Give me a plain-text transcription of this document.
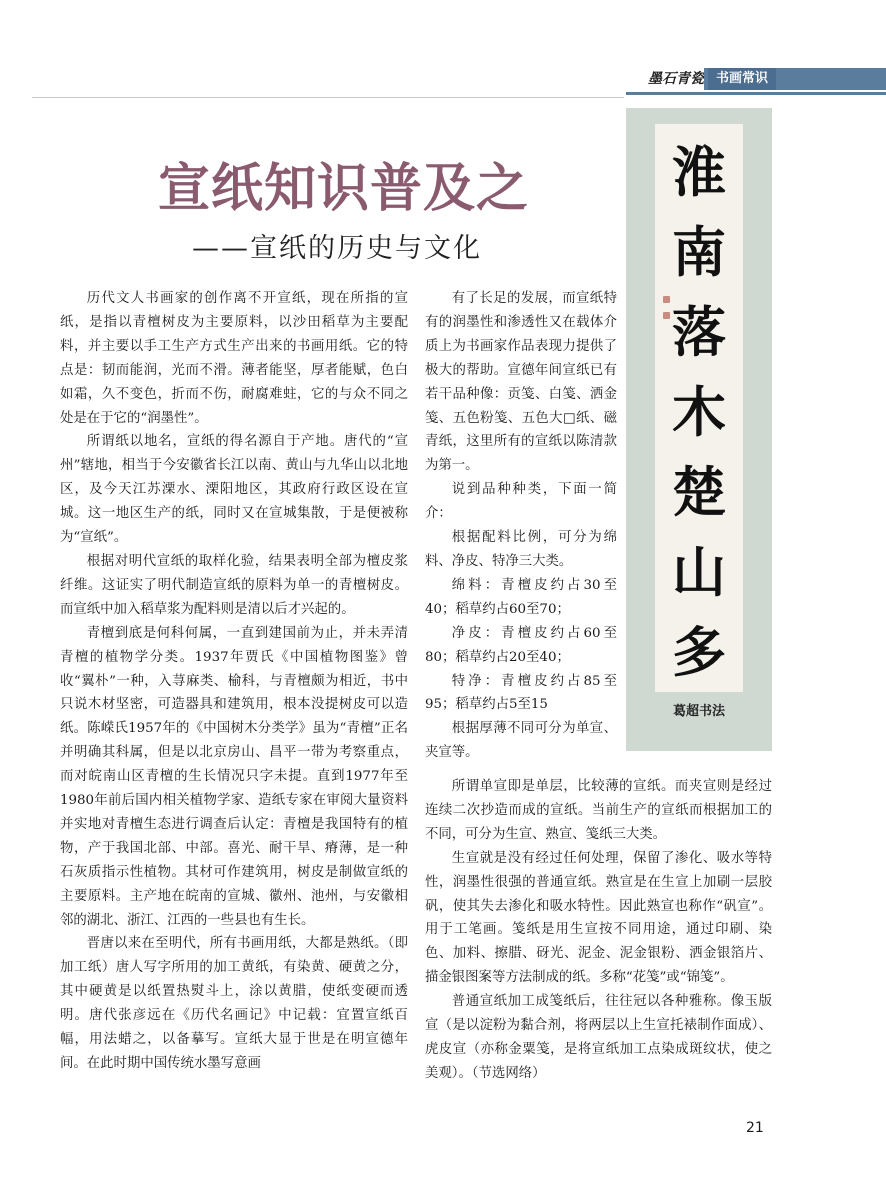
墨石青瓷 书画常识
宣纸知识普及之
——宣纸的历史与文化

历代文人书画家的创作离不开宣纸，现在所指的宣纸，是指以青檀树皮为主要原料，以沙田稻草为主要配料，并主要以手工生产方式生产出来的书画用纸。它的特点是：韧而能润，光而不滑。薄者能坚，厚者能赋，色白如霜，久不变色，折而不伤，耐腐难蛀，它的与众不同之处是在于它的“润墨性”。

所谓纸以地名，宣纸的得名源自于产地。唐代的“宣州”辖地，相当于今安徽省长江以南、黄山与九华山以北地区，及今天江苏溧水、溧阳地区，其政府行政区设在宣城。这一地区生产的纸，同时又在宣城集散，于是便被称为“宣纸”。

根据对明代宣纸的取样化验，结果表明全部为檀皮浆纤维。这证实了明代制造宣纸的原料为单一的青檀树皮。而宣纸中加入稻草浆为配料则是清以后才兴起的。

青檀到底是何科何属，一直到建国前为止，并未弄清青檀的植物学分类。1937年贾氏《中国植物图鉴》曾收“翼朴”一种，入荨麻类、榆科，与青檀颇为相近，书中只说木材坚密，可造器具和建筑用，根本没提树皮可以造纸。陈嵘氏1957年的《中国树木分类学》虽为“青檀”正名并明确其科属，但是以北京房山、昌平一带为考察重点，而对皖南山区青檀的生长情况只字未提。直到1977年至1980年前后国内相关植物学家、造纸专家在审阅大量资料并实地对青檀生态进行调查后认定：青檀是我国特有的植物，产于我国北部、中部。喜光、耐干旱、瘠薄，是一种石灰质指示性植物。其材可作建筑用，树皮是制做宣纸的主要原料。主产地在皖南的宣城、徽州、池州，与安徽相邻的湖北、浙江、江西的一些县也有生长。

晋唐以来在至明代，所有书画用纸，大都是熟纸。（即加工纸）唐人写字所用的加工黄纸，有染黄、硬黄之分，其中硬黄是以纸置热熨斗上，涂以黄腊，使纸变硬而透明。唐代张彦远在《历代名画记》中记载：宜置宣纸百幅，用法蜡之，以备摹写。宣纸大显于世是在明宣德年间。在此时期中国传统水墨写意画

有了长足的发展，而宣纸特有的润墨性和渗透性又在载体介质上为书画家作品表现力提供了极大的帮助。宣德年间宣纸已有若干品种像：贡笺、白笺、洒金笺、五色粉笺、五色大□纸、磁青纸，这里所有的宣纸以陈清款为第一。

说到品种种类，下面一简介：

根据配料比例，可分为绵料、净皮、特净三大类。

绵料：青檀皮约占30至40；稻草约占60至70；

净皮：青檀皮约占60至80；稻草约占20至40；

特净：青檀皮约占85至95；稻草约占5至15

根据厚薄不同可分为单宣、夹宣等。

淮
南
落
木
楚
山
多
葛超书法

所谓单宣即是单层，比较薄的宣纸。而夹宣则是经过连续二次抄造而成的宣纸。当前生产的宣纸而根据加工的不同，可分为生宣、熟宣、笺纸三大类。

生宣就是没有经过任何处理，保留了渗化、吸水等特性，润墨性很强的普通宣纸。熟宣是在生宣上加刷一层胶矾，使其失去渗化和吸水特性。因此熟宣也称作“矾宣”。用于工笔画。笺纸是用生宣按不同用途，通过印刷、染色、加料、擦腊、砑光、泥金、泥金银粉、洒金银箔片、描金银图案等方法制成的纸。多称“花笺”或“锦笺”。

普通宣纸加工成笺纸后，往往冠以各种雅称。像玉版宣（是以淀粉为黏合剂，将两层以上生宣托裱制作面成）、虎皮宣（亦称金粟笺，是将宣纸加工点染成斑纹状，使之美观）。（节选网络）

21
